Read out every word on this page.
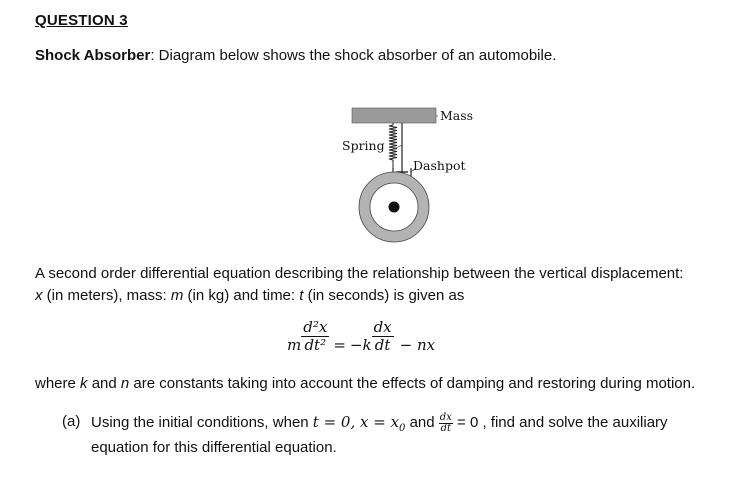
QUESTION 3
Shock Absorber: Diagram below shows the shock absorber of an automobile.
Mass
Spring
Dashpot
A second order differential equation describing the relationship between the vertical displacement:
x (in meters), mass: m (in kg) and time: t (in seconds) is given as
m $\frac{\text{d²x}}{\text{dt²}} = -k \frac{dx}{dt}$ − nx
where k and n are constants taking into account the effects of damping and restoring during motion.
(a) Using the initial conditions, when t = 0, $x = x_0$ and $\frac{dx}{dt} = 0$ , find and solve the auxiliary
equation for this differential equation.
